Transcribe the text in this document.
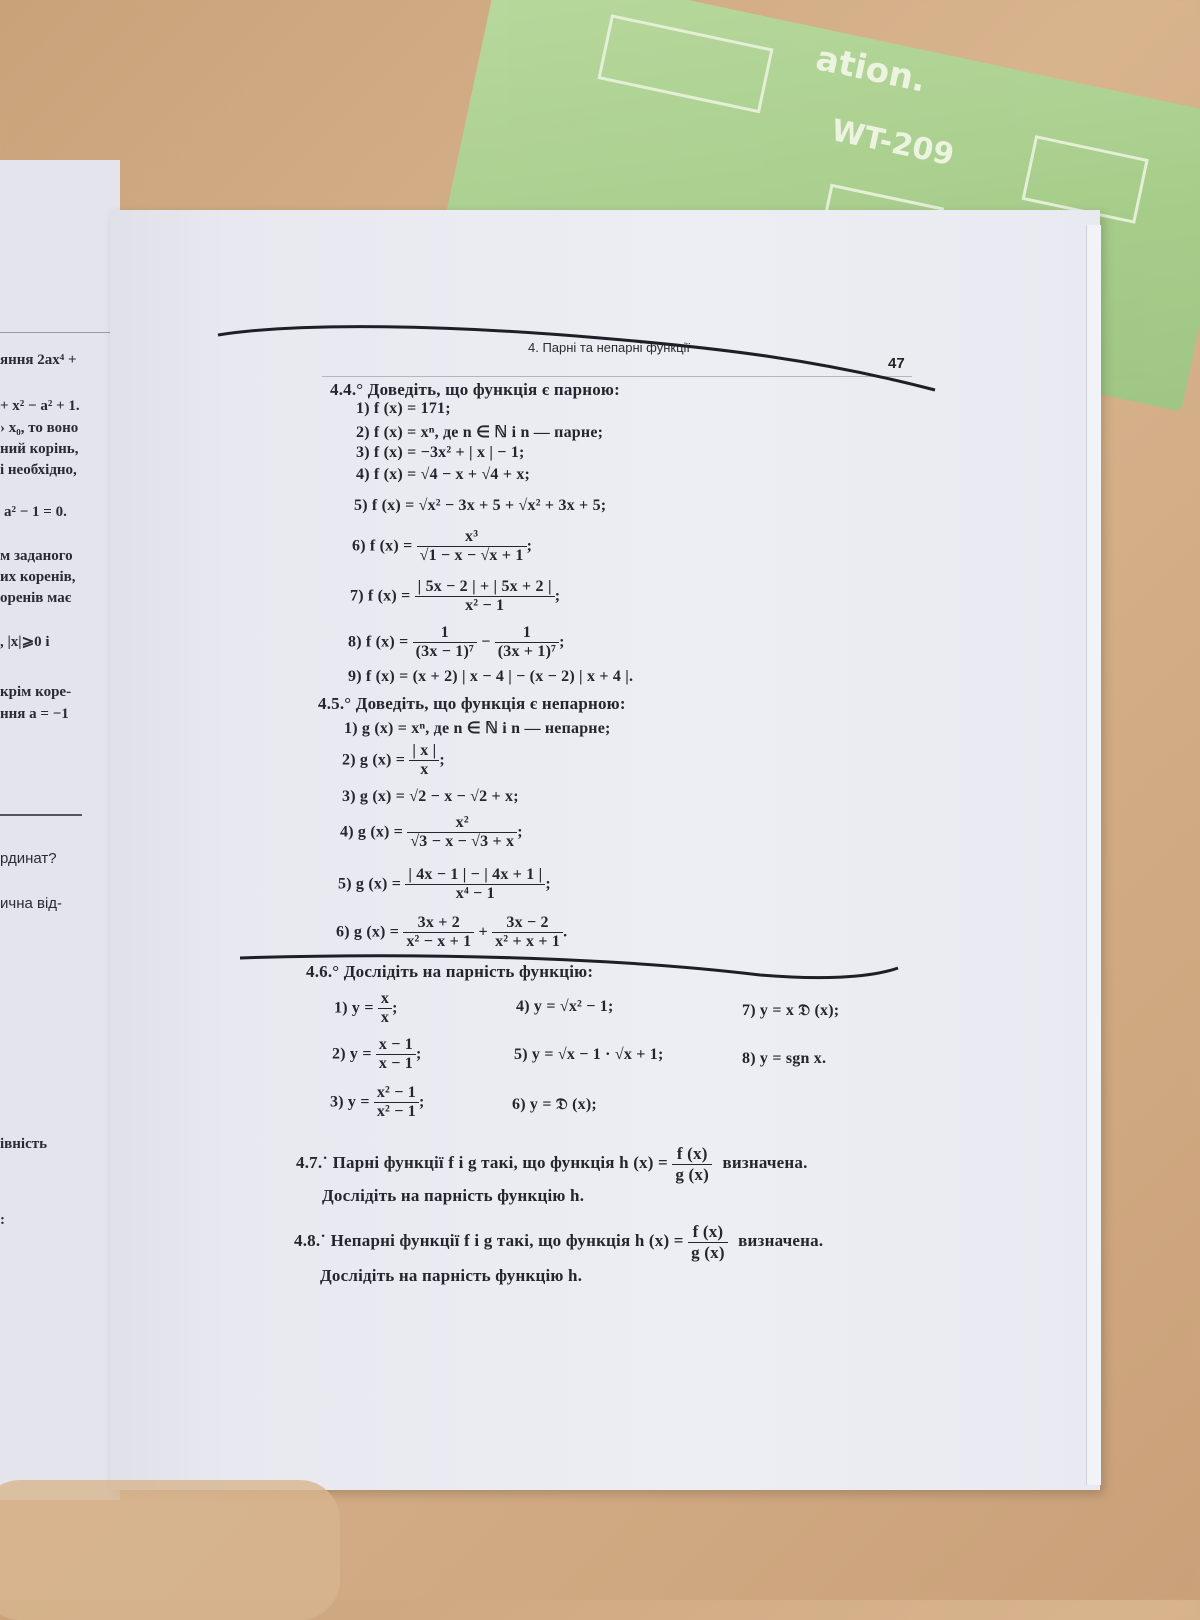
ation.
WT-209
яння 2ax⁴ +
+ x² − a² + 1.
› x₀, то воно
ний корінь,
і необхідно,
a² − 1 = 0.
м заданого
их коренів,
оренів має
, |x|⩾0 і
крім коре-
ння a = −1
рдинат?
ична від-
івність
:
4. Парні та непарні функції
47
4.4.° Доведіть, що функція є парною:
1) f (x) = 171;
2) f (x) = xⁿ, де n ∈ ℕ і n — парне;
3) f (x) = −3x² + | x | − 1;
4) f (x) = √4 − x + √4 + x;
5) f (x) = √x² − 3x + 5 + √x² + 3x + 5;
6) f $(x) = \frac{\text{x³}}{√1 - x - √x + 1}$ ;
7) f $(x) = \frac{| 5x - 2 | + | 5x + 2 |}{\text{x² − 1}}$ ;
8) f $(x) = \frac{1}{\text{(3x − 1)⁷}} - \frac{1}{\text{(3x + 1)⁷}}$ ;
9) f (x) = (x + 2) | x − 4 | − (x − 2) | x + 4 |.
4.5.° Доведіть, що функція є непарною:
1) g (x) = xⁿ, де n ∈ ℕ і n — непарне;
2) g $(x) = \frac{| x |}{x}$ ;
3) g (x) = √2 − x − √2 + x;
4) g $(x) = \frac{\text{x²}}{√3 - x - √3 + x}$ ;
5) g $(x) = \frac{| 4x - 1 | - | 4x + 1 |}{\text{x⁴ − 1}}$ ;
6) g $(x) = \frac{3x + 2}{\text{x² − x + 1}} + \frac{3x - 2}{\text{x² + x + 1}}$ .
4.6.° Дослідіть на парність функцію:
1) $y = \frac{x}{x}$ ;
2) $y = \frac{x - 1}{x - 1}$ ;
3) $y = \frac{\text{x² − 1}}{\text{x² − 1}}$ ;
4) y = √x² − 1;
5) y = √x − 1 · √x + 1;
6) y = 𝔇 (x);
7) y = x 𝔇 (x);
8) y = sgn x.
4.7.˙ Парні функції f і g такі, що функція h $(x) = \frac{f (x)}{g (x)}$ визначена.
Дослідіть на парність функцію h.
4.8.˙ Непарні функції f і g такі, що функція h $(x) = \frac{f (x)}{g (x)}$ визначена.
Дослідіть на парність функцію h.
